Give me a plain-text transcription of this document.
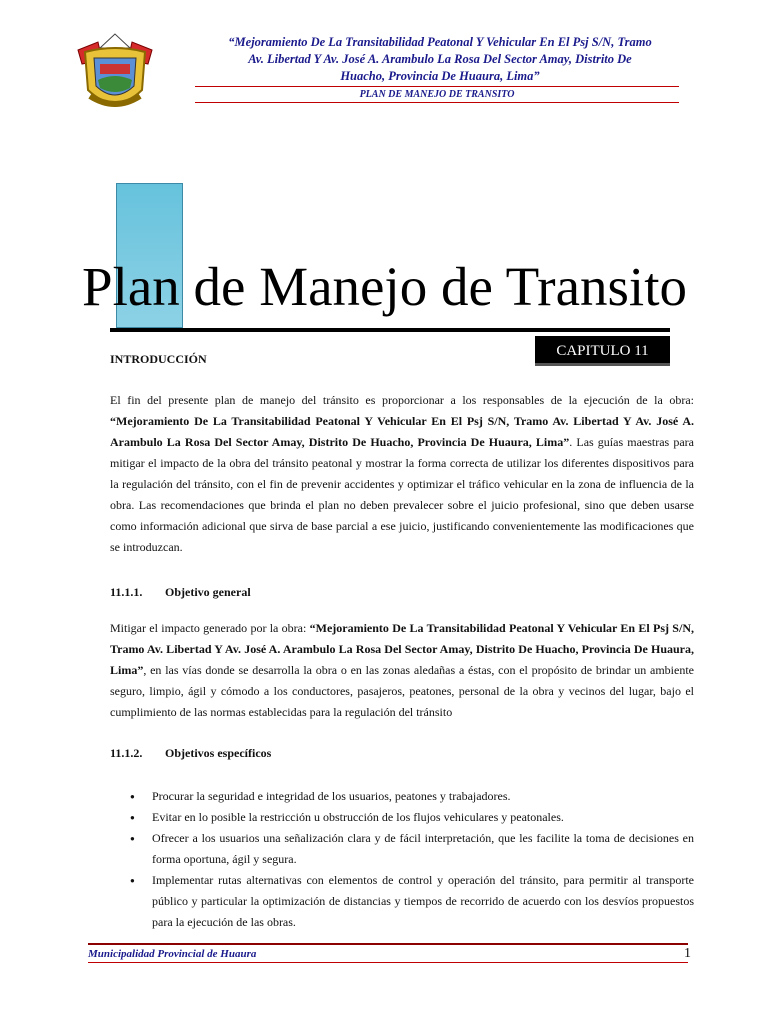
“Mejoramiento De La Transitabilidad Peatonal Y Vehicular En El Psj S/N, Tramo
Av. Libertad Y Av. José A. Arambulo La Rosa Del Sector Amay, Distrito De
Huacho, Provincia De Huaura, Lima”
PLAN DE MANEJO DE TRANSITO
Plan de Manejo de Transito
CAPITULO 11
INTRODUCCIÓN
El fin del presente plan de manejo del tránsito es proporcionar a los responsables de la ejecución de la obra: “Mejoramiento De La Transitabilidad Peatonal Y Vehicular En El Psj S/N, Tramo Av. Libertad Y Av. José A. Arambulo La Rosa Del Sector Amay, Distrito De Huacho, Provincia De Huaura, Lima”. Las guías maestras para mitigar el impacto de la obra del tránsito peatonal y mostrar la forma correcta de utilizar los diferentes dispositivos para la regulación del tránsito, con el fin de prevenir accidentes y optimizar el tráfico vehicular en la zona de influencia de la obra. Las recomendaciones que brinda el plan no deben prevalecer sobre el juicio profesional, sino que deben usarse como información adicional que sirva de base parcial a ese juicio, justificando convenientemente las modificaciones que se introduzcan.
11.1.1. Objetivo general
Mitigar el impacto generado por la obra: “Mejoramiento De La Transitabilidad Peatonal Y Vehicular En El Psj S/N, Tramo Av. Libertad Y Av. José A. Arambulo La Rosa Del Sector Amay, Distrito De Huacho, Provincia De Huaura, Lima”, en las vías donde se desarrolla la obra o en las zonas aledañas a éstas, con el propósito de brindar un ambiente seguro, limpio, ágil y cómodo a los conductores, pasajeros, peatones, personal de la obra y vecinos del lugar, bajo el cumplimiento de las normas establecidas para la regulación del tránsito
11.1.2. Objetivos específicos
● Procurar la seguridad e integridad de los usuarios, peatones y trabajadores.
● Evitar en lo posible la restricción u obstrucción de los flujos vehiculares y peatonales.
● Ofrecer a los usuarios una señalización clara y de fácil interpretación, que les facilite la toma de decisiones en forma oportuna, ágil y segura.
● Implementar rutas alternativas con elementos de control y operación del tránsito, para permitir al transporte público y particular la optimización de distancias y tiempos de recorrido de acuerdo con los desvíos propuestos para la ejecución de las obras.
Municipalidad Provincial de Huaura	1
